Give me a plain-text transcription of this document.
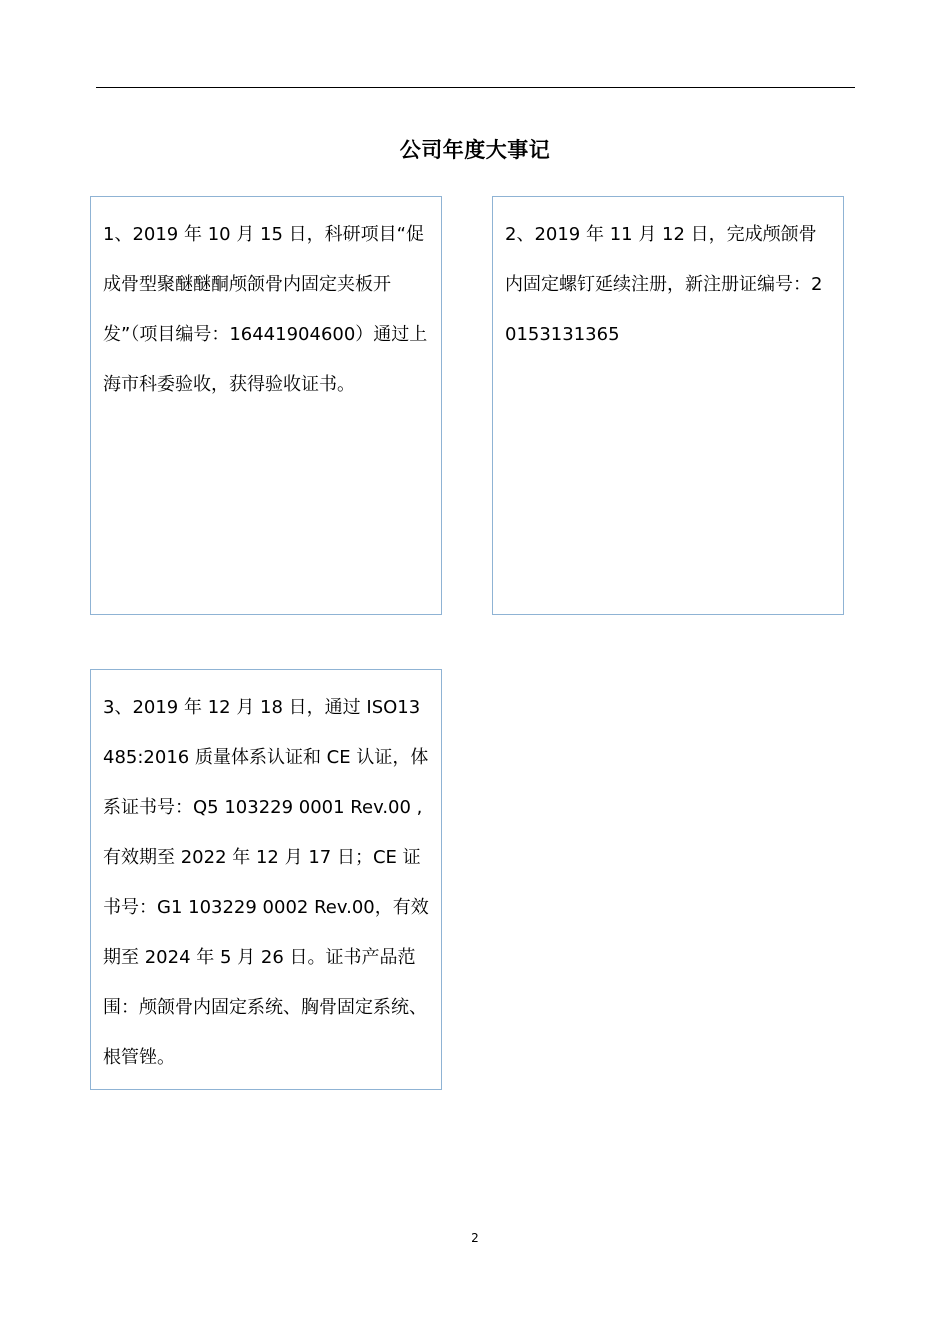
公司年度大事记
1、2019 年 10 月 15 日，科研项目“促成骨型聚醚醚酮颅颌骨内固定夹板开发”（项目编号：16441904600）通过上海市科委验收，获得验收证书。
2、2019 年 11 月 12 日，完成颅颌骨内固定螺钉延续注册，新注册证编号：20153131365
3、2019 年 12 月 18 日，通过 ISO13485:2016 质量体系认证和 CE 认证，体系证书号：Q5 103229 0001 Rev.00 ,有效期至 2022 年 12 月 17 日；CE 证书号：G1 103229 0002 Rev.00，有效期至 2024 年 5 月 26 日。证书产品范围：颅颌骨内固定系统、胸骨固定系统、根管锉。
2
